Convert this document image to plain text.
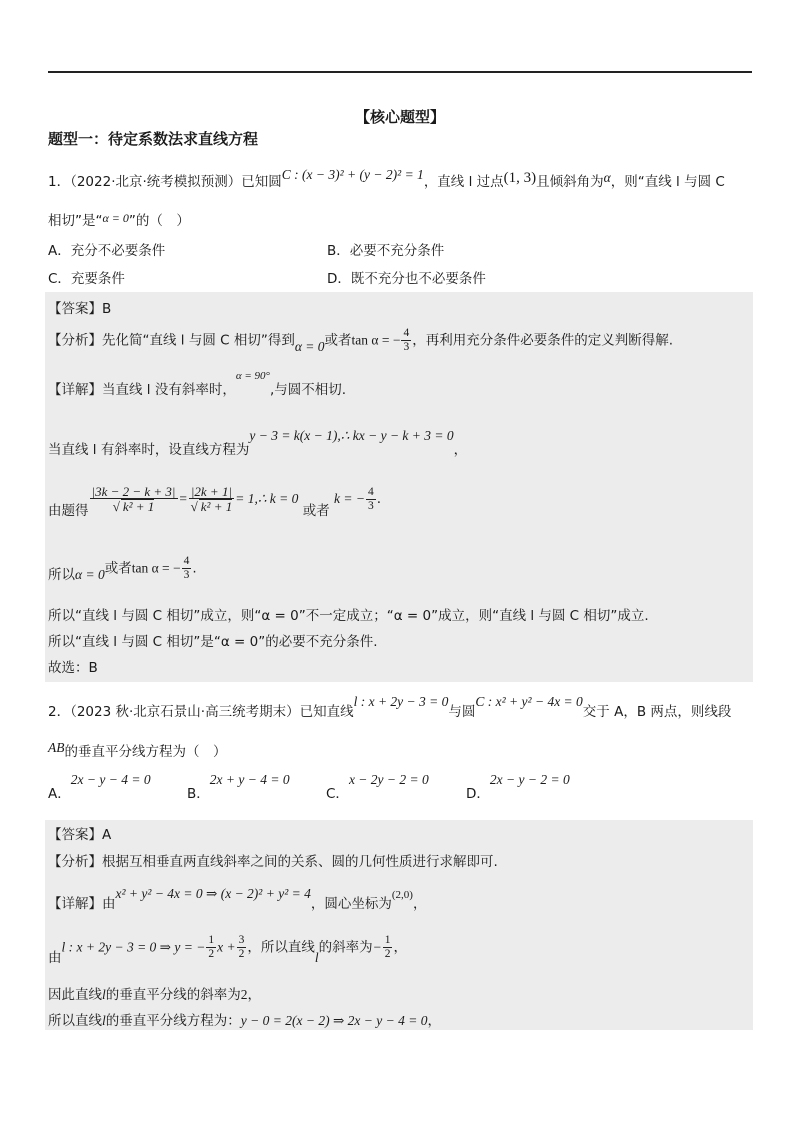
【核心题型】
题型一：待定系数法求直线方程
1．（2022·北京·统考模拟预测）已知圆C : (x − 3)² + (y − 2)² = 1，直线 l 过点(1, 3)且倾斜角为α，则“直线 l 与圆 C
相切”是“α = 0”的（　）
A．充分不必要条件	B．必要不充分条件
C．充要条件	D．既不充分也不必要条件
【答案】B
【分析】先化简“直线 l 与圆 C 相切”得到α = 0或者tan α = − $\frac{4}{3}$ ，再利用充分条件必要条件的定义判断得解.
【详解】当直线 l 没有斜率时，$^{\alpha = 90^\circ}$,与圆不相切.
当直线 l 有斜率时，设直线方程为y − 3 = k(x − 1),∴ kx − y − k + 3 = 0，
由题得 $\frac{|3k - 2 - k + 3|}{\text{√ k² + 1}} = \frac{|2k + 1|}{\text{√ k² + 1}}$ = 1,∴ k = 0 或者 k = − $\frac{4}{3}$ .
所以α = 0或者tan α = − $\frac{4}{3}$ .
所以“直线 l 与圆 C 相切”成立，则“α = 0”不一定成立；“α = 0”成立，则“直线 l 与圆 C 相切”成立.
所以“直线 l 与圆 C 相切”是“α = 0”的必要不充分条件.
故选：B
2．（2023 秋·北京石景山·高三统考期末）已知直线l : x + 2y − 3 = 0与圆C : x² + y² − 4x = 0交于 A，B 两点，则线段
AB的垂直平分线方程为（　）
A．2x − y − 4 = 0
B．2x + y − 4 = 0
C．x − 2y − 2 = 0
D．2x − y − 2 = 0
【答案】A
【分析】根据互相垂直两直线斜率之间的关系、圆的几何性质进行求解即可.
【详解】由x² + y² − 4x = 0 ⇒ (x − 2)² + y² = 4，圆心坐标为$^{(2,0)}$，
由l : x + 2y − 3 = 0 ⇒ y = − $\frac{1}{2}$ $x + \frac{3}{2}$ ，所以直线l的斜率为− $\frac{1}{2}$ ，
因此直线l的垂直平分线的斜率为2，
所以直线l的垂直平分线方程为：y − 0 = 2(x − 2) ⇒ 2x − y − 4 = 0，
